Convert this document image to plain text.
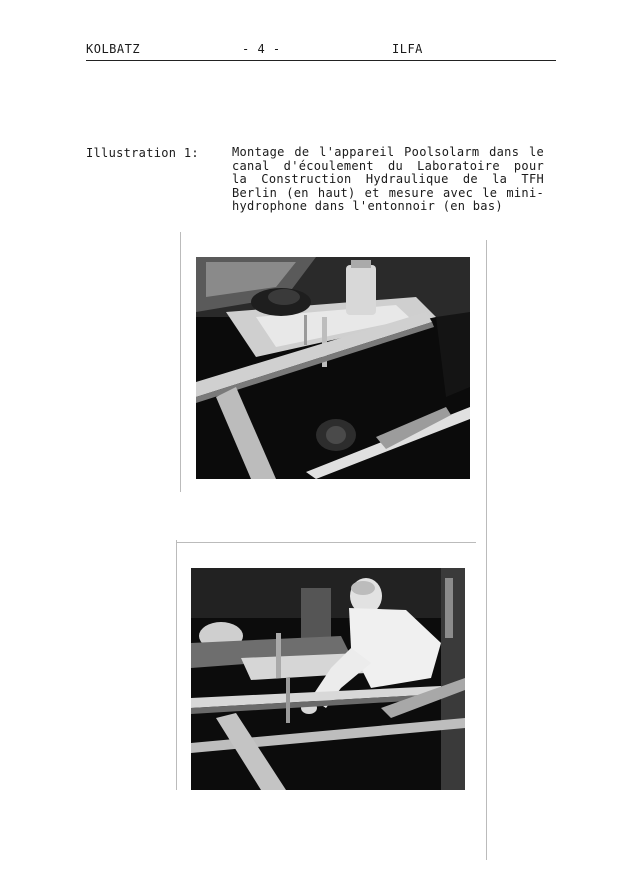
KOLBATZ	- 4 -	ILFA
Illustration 1:	Montage de l'appareil Poolsolarm dans le
canal d'écoulement du Laboratoire pour
la Construction Hydraulique de la TFH
Berlin (en haut) et mesure avec le mini-
hydrophone dans l'entonnoir (en bas)
